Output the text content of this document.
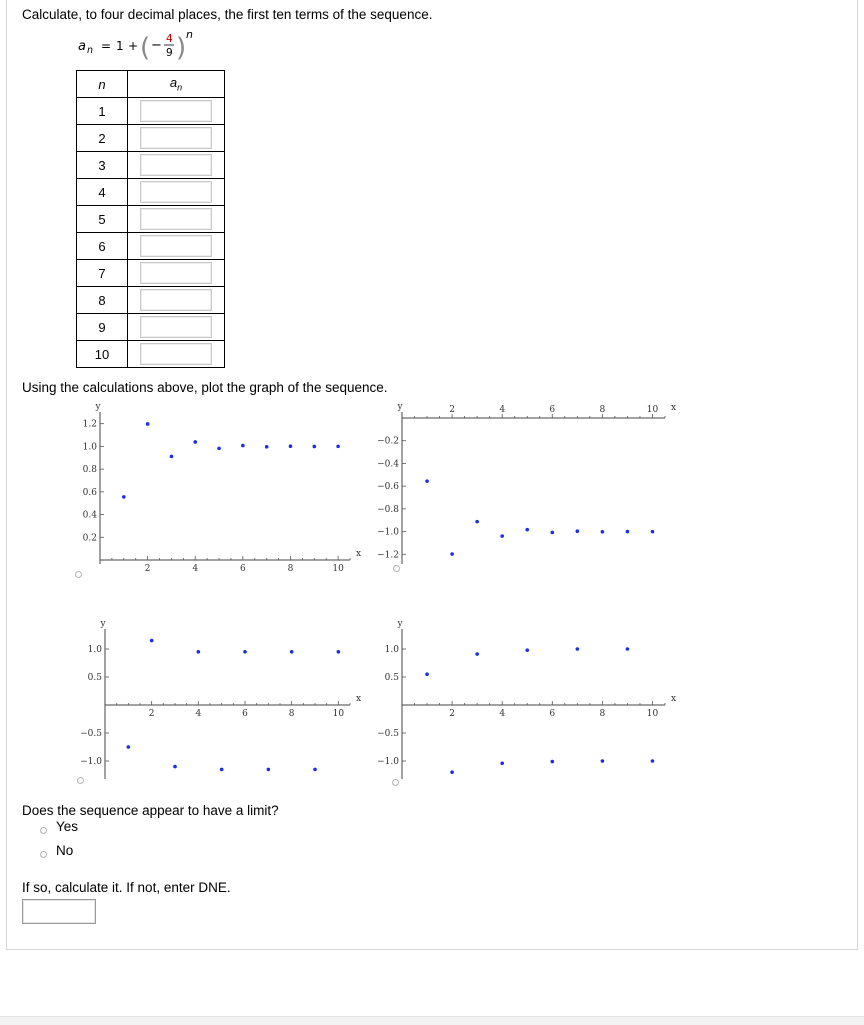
Calculate, to four decimal places, the first ten terms of the sequence.
a n = 1 + ( − 4
9 ) n
n	$a_n$
1	
2	
3	
4	
5	
6	
7	
8	
9	
10	
Using the calculations above, plot the graph of the sequence.
2	4	6	8	10
0.2
0.4
0.6
0.8
1.0
1.2
x
y	2	4	6	8	10
−0.2
−0.4
−0.6
−0.8
−1.0
−1.2
x
y
2	4	6	8	10
1.0
0.5
−0.5
−1.0
x
y
2	4	6	8	10
1.0
0.5
−0.5
−1.0
x
y
Does the sequence appear to have a limit?
Yes
No
If so, calculate it. If not, enter DNE.
